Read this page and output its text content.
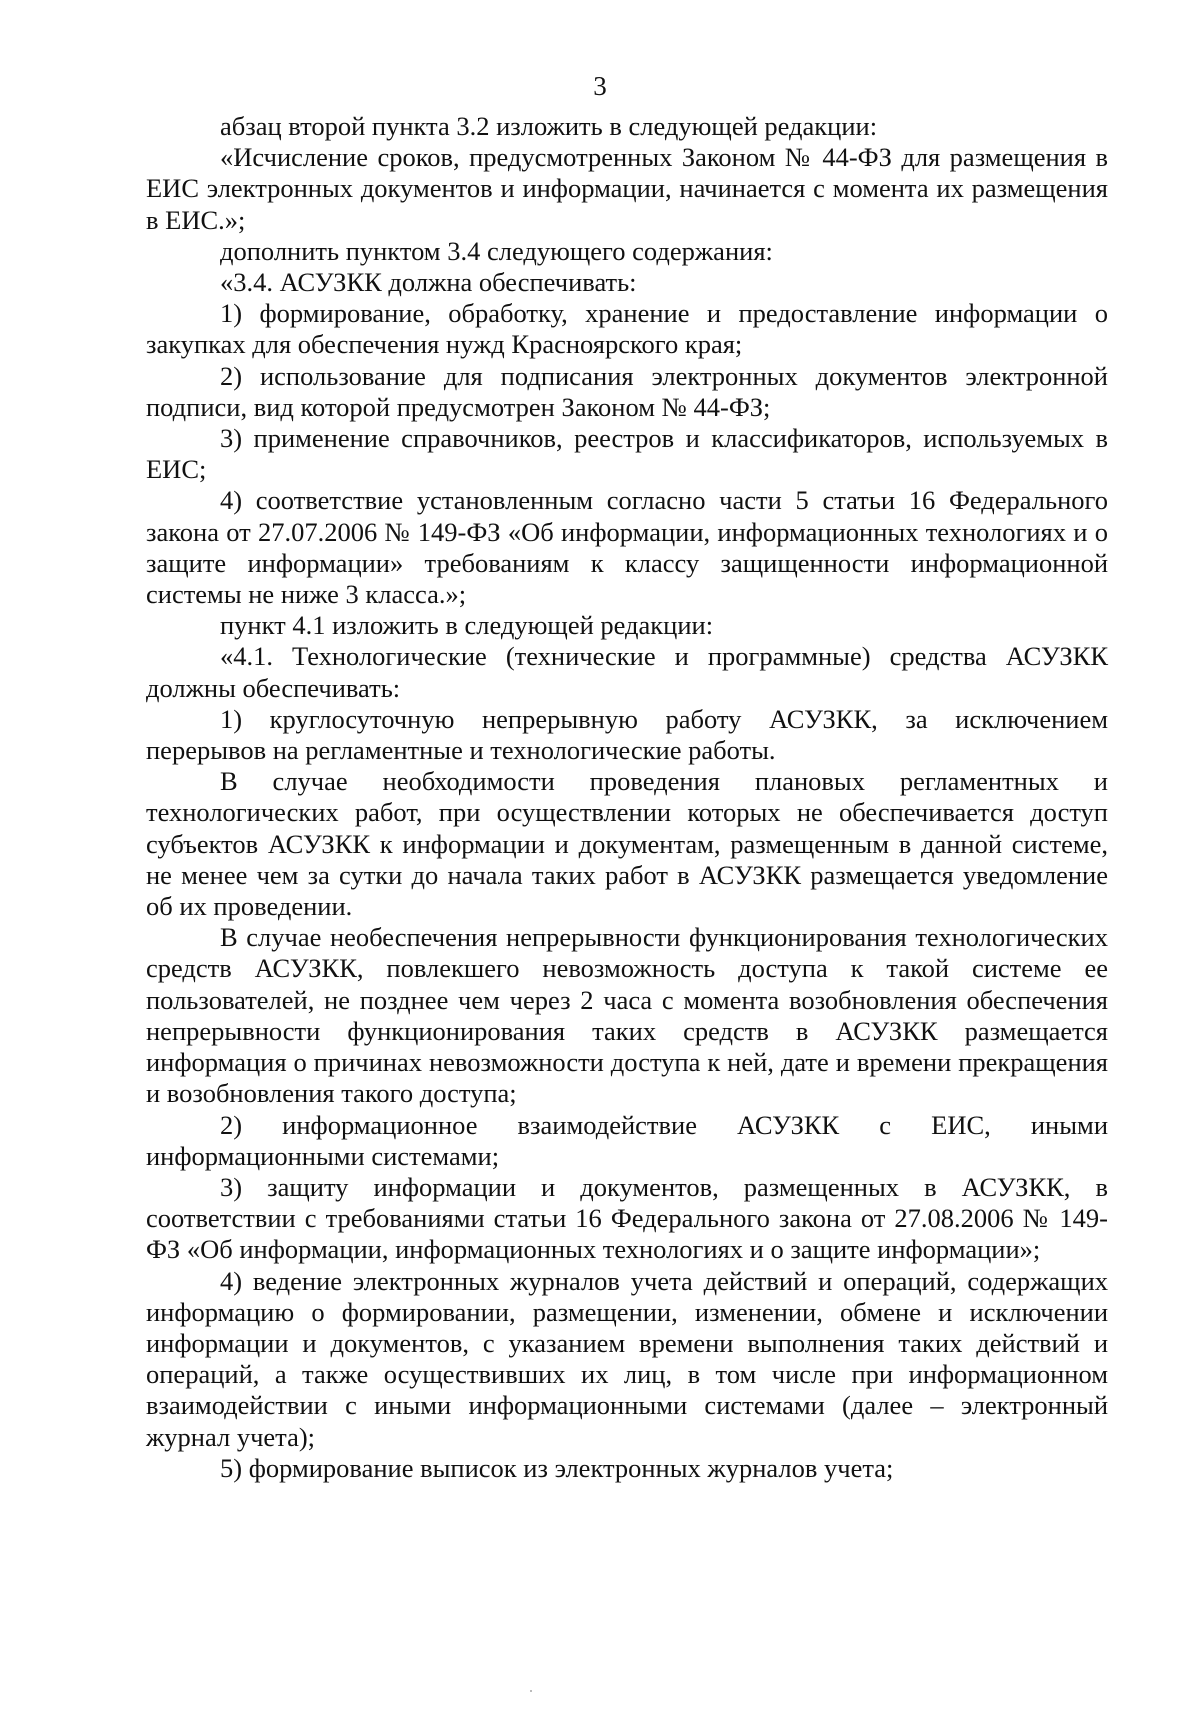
3

абзац второй пункта 3.2 изложить в следующей редакции:

«Исчисление сроков, предусмотренных Законом № 44-ФЗ для размещения в ЕИС электронных документов и информации, начинается с момента их размещения в ЕИС.»;

дополнить пунктом 3.4 следующего содержания:

«3.4. АСУЗКК должна обеспечивать:

1) формирование, обработку, хранение и предоставление информации о закупках для обеспечения нужд Красноярского края;

2) использование для подписания электронных документов электронной подписи, вид которой предусмотрен Законом № 44-ФЗ;

3) применение справочников, реестров и классификаторов, используемых в ЕИС;

4) соответствие установленным согласно части 5 статьи 16 Федерального закона от 27.07.2006 № 149-ФЗ «Об информации, информационных технологиях и о защите информации» требованиям к классу защищенности информационной системы не ниже 3 класса.»;

пункт 4.1 изложить в следующей редакции:

«4.1. Технологические (технические и программные) средства АСУЗКК должны обеспечивать:

1) круглосуточную непрерывную работу АСУЗКК, за исключением перерывов на регламентные и технологические работы.

В случае необходимости проведения плановых регламентных и технологических работ, при осуществлении которых не обеспечивается доступ субъектов АСУЗКК к информации и документам, размещенным в данной системе, не менее чем за сутки до начала таких работ в АСУЗКК размещается уведомление об их проведении.

В случае необеспечения непрерывности функционирования технологических средств АСУЗКК, повлекшего невозможность доступа к такой системе ее пользователей, не позднее чем через 2 часа с момента возобновления обеспечения непрерывности функционирования таких средств в АСУЗКК размещается информация о причинах невозможности доступа к ней, дате и времени прекращения и возобновления такого доступа;

2) информационное взаимодействие АСУЗКК с ЕИС, иными информационными системами;

3) защиту информации и документов, размещенных в АСУЗКК, в соответствии с требованиями статьи 16 Федерального закона от 27.08.2006 № 149-ФЗ «Об информации, информационных технологиях и о защите информации»;

4) ведение электронных журналов учета действий и операций, содержащих информацию о формировании, размещении, изменении, обмене и исключении информации и документов, с указанием времени выполнения таких действий и операций, а также осуществивших их лиц, в том числе при информационном взаимодействии с иными информационными системами (далее – электронный журнал учета);

5) формирование выписок из электронных журналов учета;
